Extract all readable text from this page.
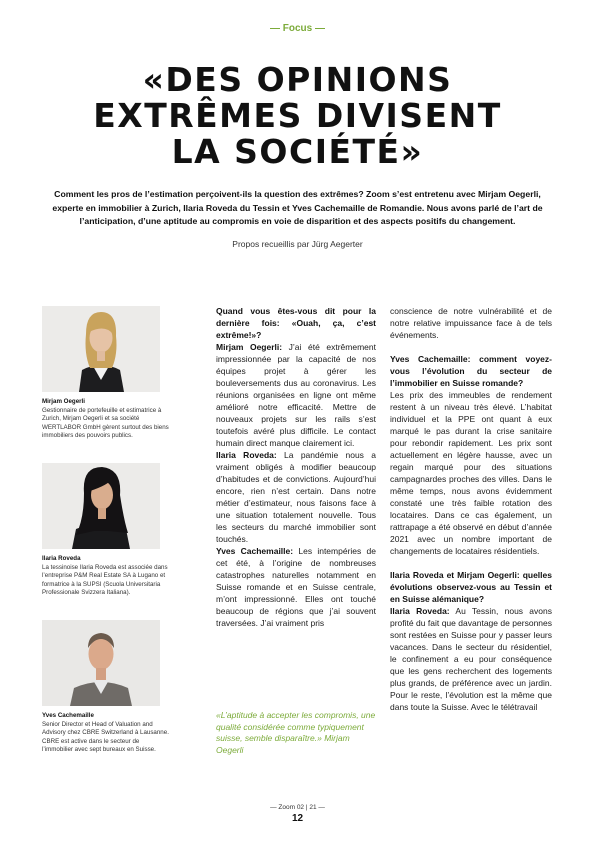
— Focus —
«DES OPINIONS
EXTRÊMES DIVISENT
LA SOCIÉTÉ»
Comment les pros de l’estimation perçoivent-ils la question des extrêmes? Zoom s’est entretenu avec Mirjam Oegerli, experte en immobilier à Zurich, Ilaria Roveda du Tessin et Yves Cachemaille de Romandie. Nous avons parlé de l’art de l’anticipation, d’une aptitude au compromis en voie de disparition et des aspects positifs du changement.
Propos recueillis par Jürg Aegerter
Mirjam Oegerli
Gestionnaire de portefeuille et estimatrice à Zurich, Mirjam Oegerli et sa société WERTLABOR GmbH gèrent surtout des biens immobiliers des pouvoirs publics.
Ilaria Roveda
La tessinoise Ilaria Roveda est associée dans l’entreprise P&M Real Estate SA à Lugano et formatrice à la SUPSI (Scuola Universitaria Professionale Svizzera Italiana).
Yves Cachemaille
Senior Director et Head of Valuation and Advisory chez CBRE Switzerland à Lausanne. CBRE est active dans le secteur de l’immobilier avec sept bureaux en Suisse.

Quand vous êtes-vous dit pour la dernière fois: «Ouah, ça, c’est extrême!»?

Mirjam Oegerli: J’ai été extrêmement impressionnée par la capacité de nos équipes projet à gérer les bouleversements dus au coronavirus. Les réunions organisées en ligne ont même amélioré notre efficacité. Mettre de nouveaux projets sur les rails s’est toutefois avéré plus difficile. Le contact humain direct manque clairement ici.

Ilaria Roveda: La pandémie nous a vraiment obligés à modifier beaucoup d’habitudes et de convictions. Aujourd’hui encore, rien n’est certain. Dans notre métier d’estimateur, nous faisons face à une situation totalement nouvelle. Tous les secteurs du marché immobilier sont touchés.

Yves Cachemaille: Les intempéries de cet été, à l’origine de nombreuses catastrophes naturelles notamment en Suisse romande et en Suisse centrale, m’ont impressionné. Elles ont touché beaucoup de régions que j’ai souvent traversées. J’ai vraiment pris

«L’aptitude à accepter les compromis, une qualité considérée comme typiquement suisse, semble disparaître.» Mirjam Oegerli

conscience de notre vulnérabilité et de notre relative impuissance face à de tels événements.

Yves Cachemaille: comment voyez-vous l’évolution du secteur de l’immobilier en Suisse romande?

Les prix des immeubles de rendement restent à un niveau très élevé. L’habitat individuel et la PPE ont quant à eux marqué le pas durant la crise sanitaire pour rebondir rapidement. Les prix sont actuellement en légère hausse, avec un regain marqué pour des situations campagnardes proches des villes. Dans le même temps, nous avons évidemment constaté une très faible rotation des locataires. Dans ce cas également, un rattrapage a été observé en début d’année 2021 avec un nombre important de changements de locataires résidentiels.

Ilaria Roveda et Mirjam Oegerli: quelles évolutions observez-vous au Tessin et en Suisse alémanique?

Ilaria Roveda: Au Tessin, nous avons profité du fait que davantage de personnes sont restées en Suisse pour y passer leurs vacances. Dans le secteur du résidentiel, le confinement a eu pour conséquence que les gens recherchent des logements plus grands, de préférence avec un jardin. Pour le reste, l’évolution est la même que dans toute la Suisse. Avec le télétravail

— Zoom 02 | 21 —
12
